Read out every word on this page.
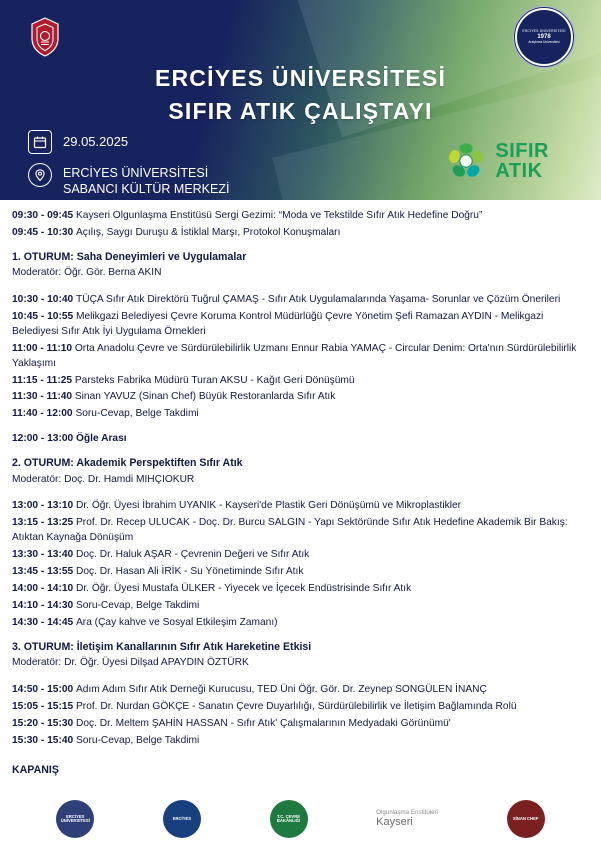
ERCİYES ÜNİVERSİTESİ
1978
Araştırma Üniversitesi
ERCİYES ÜNİVERSİTESİ
SIFIR ATIK ÇALIŞTAYI
29.05.2025
ERCİYES ÜNİVERSİTESİ
SABANCI KÜLTÜR MERKEZİ
SIFIR
ATIK

09:30 - 09:45 Kayseri Olgunlaşma Enstitüsü Sergi Gezimi: “Moda ve Tekstilde Sıfır Atık Hedefine Doğru”

09:45 - 10:30 Açılış, Saygı Duruşu & İstiklal Marşı, Protokol Konuşmaları

1. OTURUM: Saha Deneyimleri ve Uygulamalar

Moderatör: Öğr. Gör. Berna AKIN

10:30 - 10:40 TÜÇA Sıfır Atık Direktörü Tuğrul ÇAMAŞ - Sıfır Atık Uygulamalarında Yaşama- Sorunlar ve Çözüm Önerileri

10:45 - 10:55 Melikgazi Belediyesi Çevre Koruma Kontrol Müdürlüğü Çevre Yönetim Şefi Ramazan AYDIN - Melikgazi Belediyesi Sıfır Atık İyi Uygulama Örnekleri

11:00 - 11:10 Orta Anadolu Çevre ve Sürdürülebilirlik Uzmanı Ennur Rabia YAMAÇ - Circular Denim: Orta'nın Sürdürülebilirlik Yaklaşımı

11:15 - 11:25 Parsteks Fabrika Müdürü Turan AKSU - Kağıt Geri Dönüşümü

11:30 - 11:40 Sinan YAVUZ (Sinan Chef) Büyük Restoranlarda Sıfır Atık

11:40 - 12:00 Soru-Cevap, Belge Takdimi

12:00 - 13:00 Öğle Arası

2. OTURUM: Akademik Perspektiften Sıfır Atık

Moderatör: Doç. Dr. Hamdi MIHÇIOKUR

13:00 - 13:10 Dr. Öğr. Üyesi İbrahim UYANIK - Kayseri'de Plastik Geri Dönüşümü ve Mikroplastikler

13:15 - 13:25 Prof. Dr. Recep ULUCAK - Doç. Dr. Burcu SALGIN - Yapı Sektöründe Sıfır Atık Hedefine Akademik Bir Bakış: Atıktan Kaynağa Dönüşüm

13:30 - 13:40 Doç. Dr. Haluk AŞAR - Çevrenin Değeri ve Sıfır Atık

13:45 - 13:55 Doç. Dr. Hasan Ali İRİK - Su Yönetiminde Sıfır Atık

14:00 - 14:10 Dr. Öğr. Üyesi Mustafa ÜLKER - Yiyecek ve İçecek Endüstrisinde Sıfır Atık

14:10 - 14:30 Soru-Cevap, Belge Takdimi

14:30 - 14:45 Ara (Çay kahve ve Sosyal Etkileşim Zamanı)

3. OTURUM: İletişim Kanallarının Sıfır Atık Hareketine Etkisi

Moderatör: Dr. Öğr. Üyesi Dilşad APAYDIN ÖZTÜRK

14:50 - 15:00 Adım Adım Sıfır Atık Derneği Kurucusu, TED Üni Öğr. Gör. Dr. Zeynep SONGÜLEN İNANÇ

15:05 - 15:15 Prof. Dr. Nurdan GÖKÇE - Sanatın Çevre Duyarlılığı, Sürdürülebilirlik ve İletişim Bağlamında Rolü

15:20 - 15:30 Doç. Dr. Meltem ŞAHİN HASSAN - Sıfır Atık' Çalışmalarının Medyadaki Görünümü'

15:30 - 15:40 Soru-Cevap, Belge Takdimi

KAPANIŞ

ERCİYES ÜNİVERSİTESİ	ERCİYES	T.C. ÇEVRE BAKANLIĞI
Olgunlaşma Enstitüleri
Kayseri	SİNAN CHEF
